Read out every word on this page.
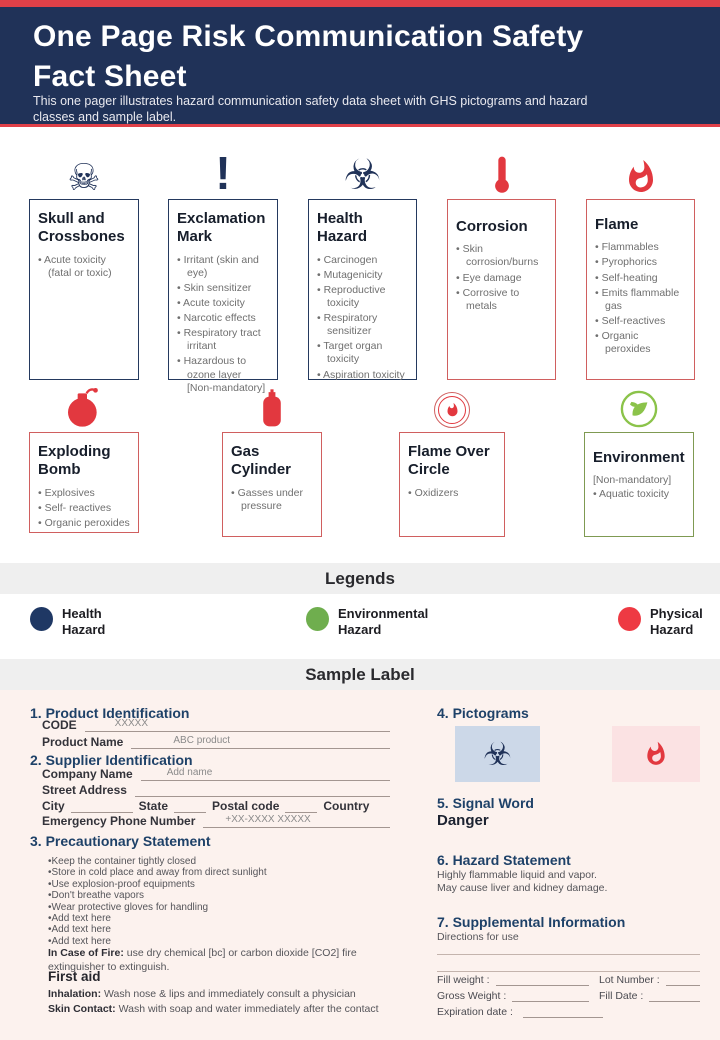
One Page Risk Communication Safety Fact Sheet
This one pager illustrates hazard communication safety data sheet with GHS pictograms and hazard classes and sample label.
☠ !	☣
Skull and Crossbones
• Acute toxicity (fatal or toxic)
Exclamation Mark
• Irritant (skin and eye)
• Skin sensitizer
• Acute toxicity
• Narcotic effects
• Respiratory tract irritant
• Hazardous to ozone layer [Non-mandatory]
Health Hazard
• Carcinogen
• Mutagenicity
• Reproductive toxicity
• Respiratory sensitizer
• Target organ toxicity
• Aspiration toxicity
Corrosion
• Skin corrosion/burns
• Eye damage
• Corrosive to metals
Flame
• Flammables
• Pyrophorics
• Self-heating
• Emits flammable gas
• Self-reactives
• Organic peroxides
Exploding Bomb
• Explosives
• Self- reactives
• Organic peroxides
Gas Cylinder
• Gasses under pressure
Flame Over Circle
• Oxidizers
Environment
[Non-mandatory]
• Aquatic toxicity
Legends
Health Hazard
Environmental Hazard
Physical Hazard
Sample Label
1. Product Identification
CODE	XXXXX
Product Name	ABC product
2. Supplier Identification
Company Name	Add name
Street Address
City	State	Postal code	Country
Emergency Phone Number	+XX-XXXX XXXXX
3. Precautionary Statement
• Keep the container tightly closed
• Store in cold place and away from direct sunlight
• Use explosion-proof equipments
• Don't breathe vapors
• Wear protective gloves for handling
• Add text here
• Add text here
• Add text here
In Case of Fire: use dry chemical [bc] or carbon dioxide [CO2] fire extinguisher to extinguish.
First aid
Inhalation: Wash nose & lips and immediately consult a physician
Skin Contact: Wash with soap and water immediately after the contact
4. Pictograms
☣
5. Signal Word
Danger
6. Hazard Statement
Highly flammable liquid and vapor.
May cause liver and kidney damage.
7. Supplemental Information
Directions for use
Fill weight :	Lot Number :
Gross Weight :	Fill Date :
Expiration date :
